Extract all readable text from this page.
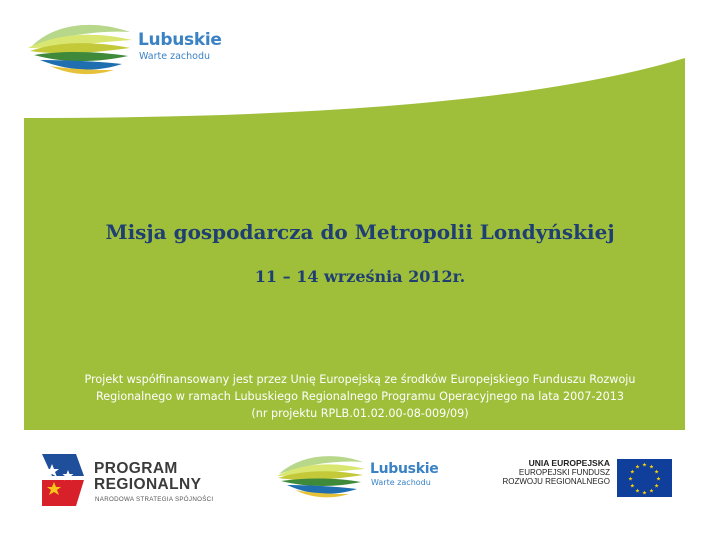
Lubuskie
Warte zachodu
Misja gospodarcza do Metropolii Londyńskiej
11 – 14 września 2012r.
Projekt współfinansowany jest przez Unię Europejską ze środków Europejskiego Funduszu Rozwoju
Regionalnego w ramach Lubuskiego Regionalnego Programu Operacyjnego na lata 2007-2013
(nr projektu RPLB.01.02.00-08-009/09)
PROGRAM
REGIONALNY
NARODOWA STRATEGIA SPÓJNOŚCI
Lubuskie
Warte zachodu
UNIA EUROPEJSKA
EUROPEJSKI FUNDUSZ
ROZWOJU REGIONALNEGO
★ ★
★
★
★
★
★
★
★
★
★
★
